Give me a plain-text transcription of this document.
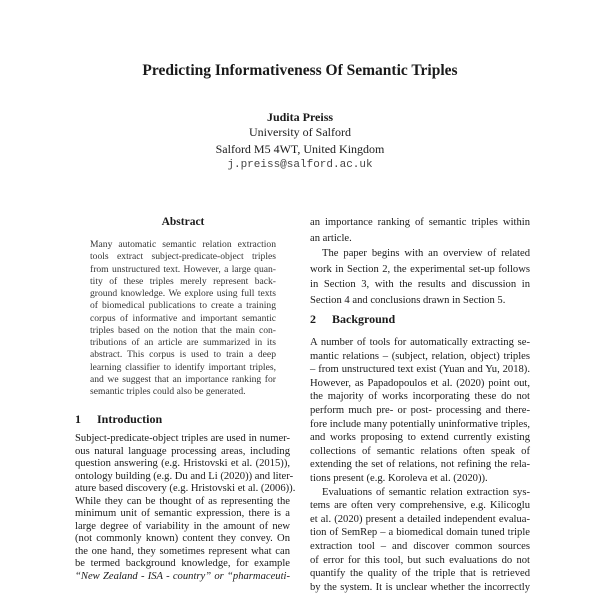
Predicting Informativeness Of Semantic Triples
Judita Preiss
University of Salford
Salford M5 4WT, United Kingdom
j.preiss@salford.ac.uk
Abstract
Many automatic semantic relation extraction
tools extract subject-predicate-object triples
from unstructured text. However, a large quan-
tity of these triples merely represent back-
ground knowledge. We explore using full texts
of biomedical publications to create a training
corpus of informative and important semantic
triples based on the notion that the main con-
tributions of an article are summarized in its
abstract. This corpus is used to train a deep
learning classifier to identify important triples,
and we suggest that an importance ranking for
semantic triples could also be generated.
1 Introduction
Subject-predicate-object triples are used in numer-
ous natural language processing areas, including
question answering (e.g. Hristovski et al. (2015)),
ontology building (e.g. Du and Li (2020)) and liter-
ature based discovery (e.g. Hristovski et al. (2006)).
While they can be thought of as representing the
minimum unit of semantic expression, there is a
large degree of variability in the amount of new
(not commonly known) content they convey. On
the one hand, they sometimes represent what can
be termed background knowledge, for example
“New Zealand - ISA - country” or “pharmaceuti-
an importance ranking of semantic triples within
an article.
The paper begins with an overview of related
work in Section 2, the experimental set-up follows
in Section 3, with the results and discussion in
Section 4 and conclusions drawn in Section 5.
2 Background
A number of tools for automatically extracting se-
mantic relations – (subject, relation, object) triples
– from unstructured text exist (Yuan and Yu, 2018).
However, as Papadopoulos et al. (2020) point out,
the majority of works incorporating these do not
perform much pre- or post- processing and there-
fore include many potentially uninformative triples,
and works proposing to extend currently existing
collections of semantic relations often speak of
extending the set of relations, not refining the rela-
tions present (e.g. Koroleva et al. (2020)).
Evaluations of semantic relation extraction sys-
tems are often very comprehensive, e.g. Kilicoglu
et al. (2020) present a detailed independent evalua-
tion of SemRep – a biomedical domain tuned triple
extraction tool – and discover common sources
of error for this tool, but such evaluations do not
quantify the quality of the triple that is retrieved
by the system. It is unclear whether the incorrectly
